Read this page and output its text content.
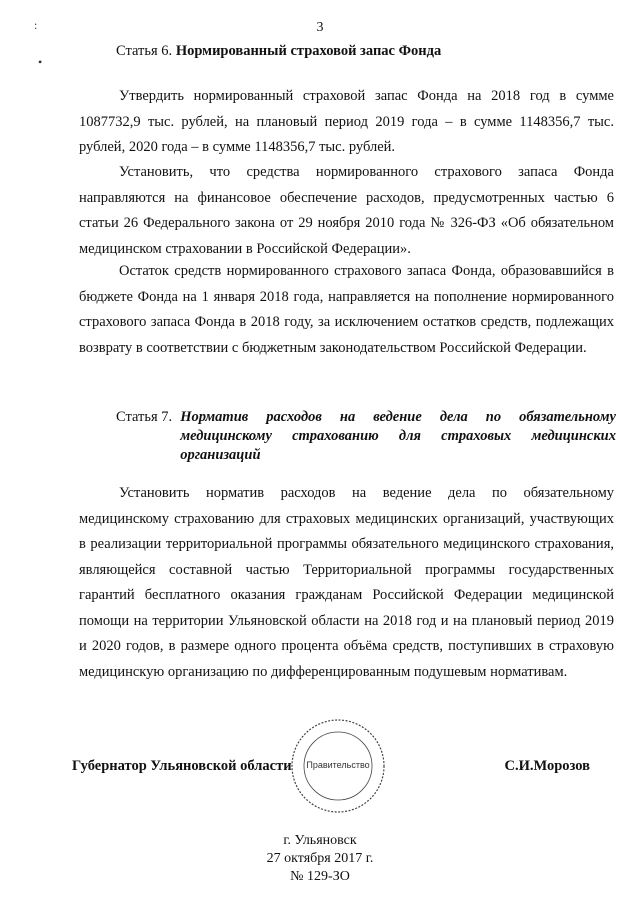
3
:
•
Статья 6. Нормированный страховой запас Фонда

Утвердить нормированный страховой запас Фонда на 2018 год в сумме 1087732,9 тыс. рублей, на плановый период 2019 года – в сумме 1148356,7 тыс. рублей, 2020 года – в сумме 1148356,7 тыс. рублей.

Установить, что средства нормированного страхового запаса Фонда направляются на финансовое обеспечение расходов, предусмотренных частью 6 статьи 26 Федерального закона от 29 ноября 2010 года № 326-ФЗ «Об обязательном медицинском страховании в Российской Федерации».

Остаток средств нормированного страхового запаса Фонда, образовавшийся в бюджете Фонда на 1 января 2018 года, направляется на пополнение нормированного страхового запаса Фонда в 2018 году, за исключением остатков средств, подлежащих возврату в соответствии с бюджетным законодательством Российской Федерации.

Статья 7. Норматив расходов на ведение дела по обязательному медицинскому страхованию для страховых медицинских организаций

Установить норматив расходов на ведение дела по обязательному медицинскому страхованию для страховых медицинских организаций, участвующих в реализации территориальной программы обязательного медицинского страхования, являющейся составной частью Территориальной программы государственных гарантий бесплатного оказания гражданам Российской Федерации медицинской помощи на территории Ульяновской области на 2018 год и на плановый период 2019 и 2020 годов, в размере одного процента объёма средств, поступивших в страховую медицинскую организацию по дифференцированным подушевым нормативам.

Правительство
Губернатор Ульяновской области	С.И.Морозов
г. Ульяновск
27 октября 2017 г.
№ 129-ЗО
